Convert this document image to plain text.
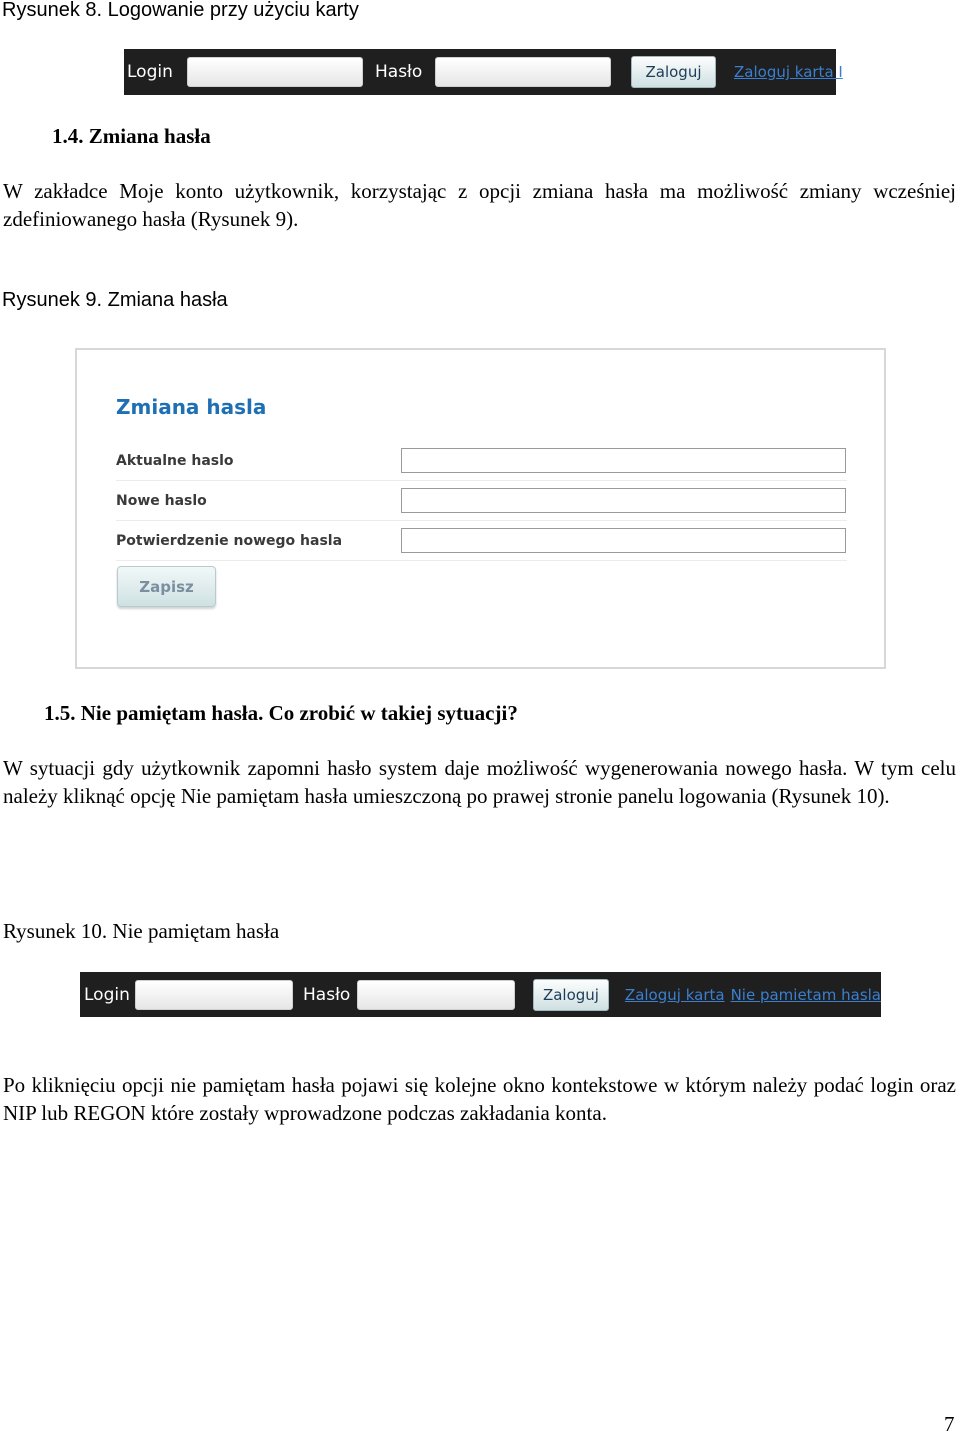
Rysunek 8. Logowanie przy użyciu karty
Login	Hasło	Zaloguj	Zaloguj karta I
1.4. Zmiana hasła
W zakładce Moje konto użytkownik, korzystając z opcji zmiana hasła ma możliwość zmiany wcześniej zdefiniowanego hasła (Rysunek 9).
Rysunek 9. Zmiana hasła
Zmiana hasla
Aktualne haslo
Nowe haslo
Potwierdzenie nowego hasla
Zapisz
1.5. Nie pamiętam hasła. Co zrobić w takiej sytuacji?
W sytuacji gdy użytkownik zapomni hasło system daje możliwość wygenerowania nowego hasła. W tym celu należy kliknąć opcję Nie pamiętam hasła umieszczoną po prawej stronie panelu logowania (Rysunek 10).
Rysunek 10. Nie pamiętam hasła
Login	Hasło	Zaloguj	Zaloguj karta Nie pamietam hasla
Po kliknięciu opcji nie pamiętam hasła pojawi się kolejne okno kontekstowe w którym należy podać login oraz NIP lub REGON które zostały wprowadzone podczas zakładania konta.
7
